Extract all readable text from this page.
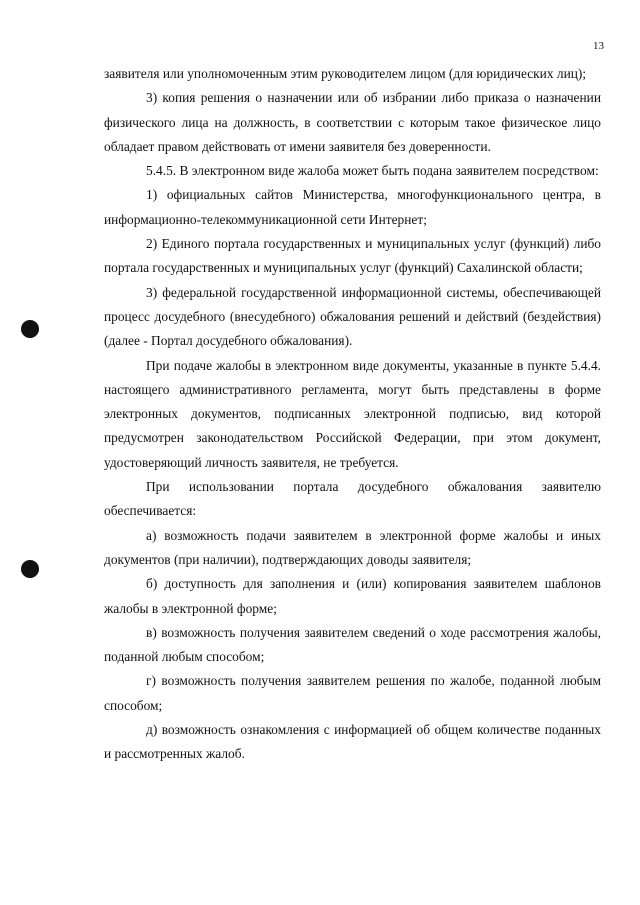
13

заявителя или уполномоченным этим руководителем лицом (для юридических лиц);

3) копия решения о назначении или об избрании либо приказа о назначении физического лица на должность, в соответствии с которым такое физическое лицо обладает правом действовать от имени заявителя без доверенности.

5.4.5. В электронном виде жалоба может быть подана заявителем посредством:

1) официальных сайтов Министерства, многофункционального центра, в информационно-телекоммуникационной сети Интернет;

2) Единого портала государственных и муниципальных услуг (функций) либо портала государственных и муниципальных услуг (функций) Сахалинской области;

3) федеральной государственной информационной системы, обеспечивающей процесс досудебного (внесудебного) обжалования решений и действий (бездействия) (далее - Портал досудебного обжалования).

При подаче жалобы в электронном виде документы, указанные в пункте 5.4.4. настоящего административного регламента, могут быть представлены в форме электронных документов, подписанных электронной подписью, вид которой предусмотрен законодательством Российской Федерации, при этом документ, удостоверяющий личность заявителя, не требуется.

При использовании портала досудебного обжалования заявителю обеспечивается:

а) возможность подачи заявителем в электронной форме жалобы и иных документов (при наличии), подтверждающих доводы заявителя;

б) доступность для заполнения и (или) копирования заявителем шаблонов жалобы в электронной форме;

в) возможность получения заявителем сведений о ходе рассмотрения жалобы, поданной любым способом;

г) возможность получения заявителем решения по жалобе, поданной любым способом;

д) возможность ознакомления с информацией об общем количестве поданных и рассмотренных жалоб.
